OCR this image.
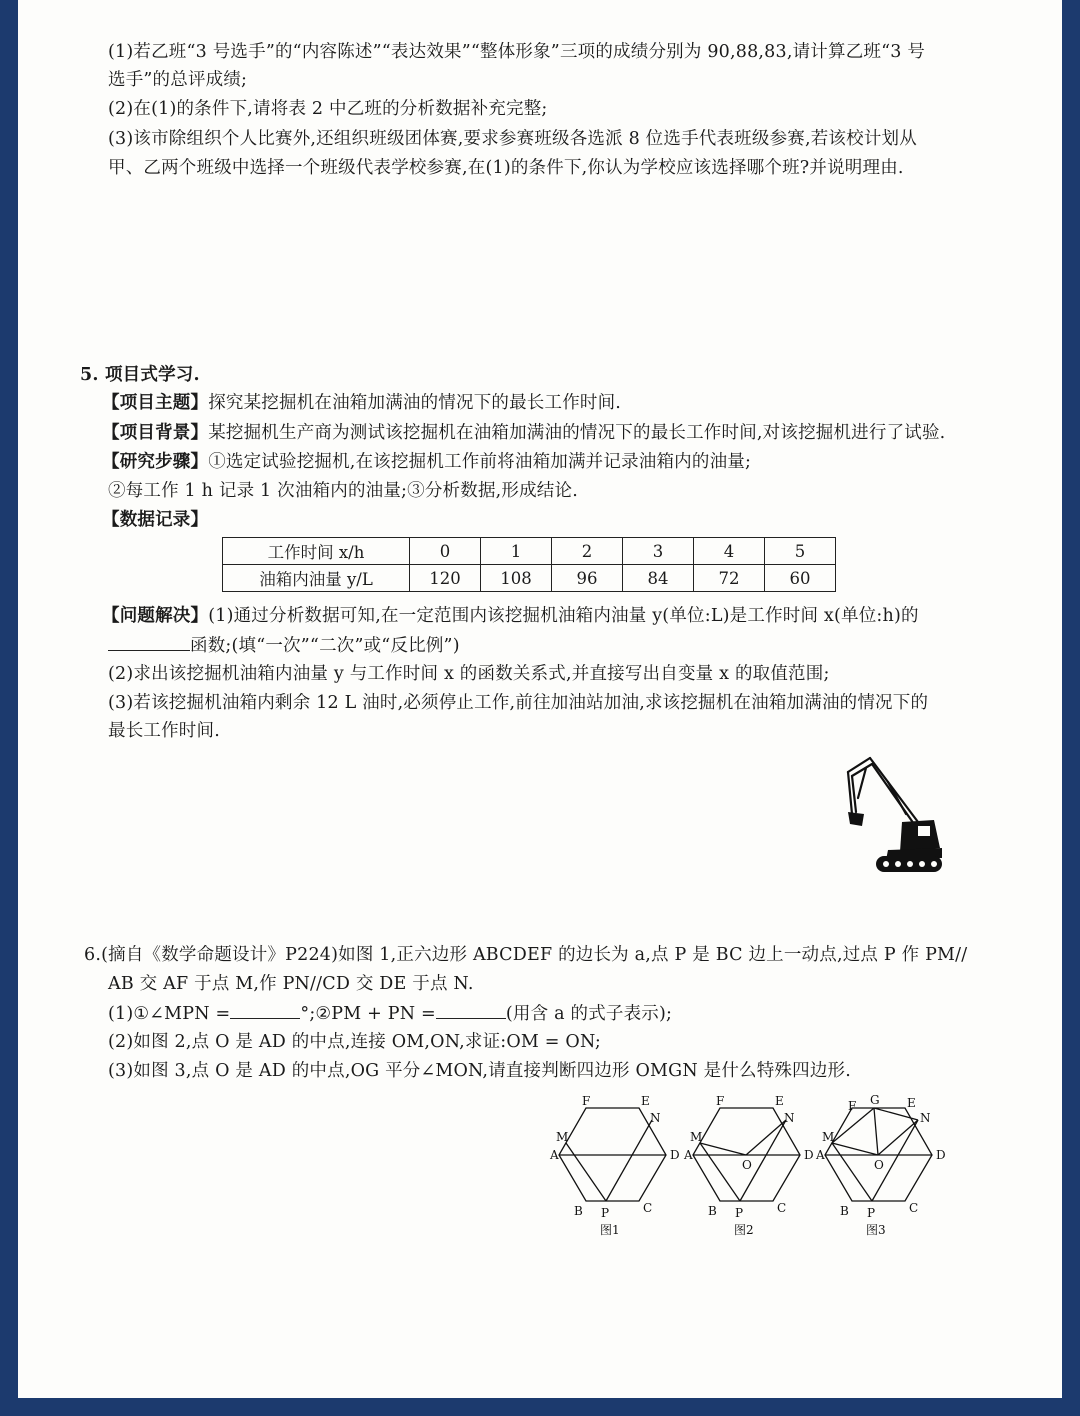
(1)若乙班“3 号选手”的“内容陈述”“表达效果”“整体形象”三项的成绩分别为 90,88,83,请计算乙班“3 号
选手”的总评成绩;
(2)在(1)的条件下,请将表 2 中乙班的分析数据补充完整;
(3)该市除组织个人比赛外,还组织班级团体赛,要求参赛班级各选派 8 位选手代表班级参赛,若该校计划从
甲、乙两个班级中选择一个班级代表学校参赛,在(1)的条件下,你认为学校应该选择哪个班?并说明理由.
5. 项目式学习.
【项目主题】探究某挖掘机在油箱加满油的情况下的最长工作时间.
【项目背景】某挖掘机生产商为测试该挖掘机在油箱加满油的情况下的最长工作时间,对该挖掘机进行了试验.
【研究步骤】①选定试验挖掘机,在该挖掘机工作前将油箱加满并记录油箱内的油量;
②每工作 1 h 记录 1 次油箱内的油量;③分析数据,形成结论.
【数据记录】
工作时间 x/h	0	1	2	3	4	5
油箱内油量 y/L	120	108	96	84	72	60
【问题解决】(1)通过分析数据可知,在一定范围内该挖掘机油箱内油量 y(单位:L)是工作时间 x(单位:h)的
函数;(填“一次”“二次”或“反比例”)
(2)求出该挖掘机油箱内油量 y 与工作时间 x 的函数关系式,并直接写出自变量 x 的取值范围;
(3)若该挖掘机油箱内剩余 12 L 油时,必须停止工作,前往加油站加油,求该挖掘机在油箱加满油的情况下的
最长工作时间.
6.(摘自《数学命题设计》P224)如图 1,正六边形 ABCDEF 的边长为 a,点 P 是 BC 边上一动点,过点 P 作 PM//
AB 交 AF 于点 M,作 PN//CD 交 DE 于点 N.
(1)①∠MPN =	°;②PM + PN =	(用含 a 的式子表示);
(2)如图 2,点 O 是 AD 的中点,连接 OM,ON,求证:OM = ON;
(3)如图 3,点 O 是 AD 的中点,OG 平分∠MON,请直接判断四边形 OMGN 是什么特殊四边形.
F	E
N
M
A	D
B P	C
图1
F	E
N
M
A
O
D
B P	C
图2
F G E
N
M
A
O
D
B P	C
图3
